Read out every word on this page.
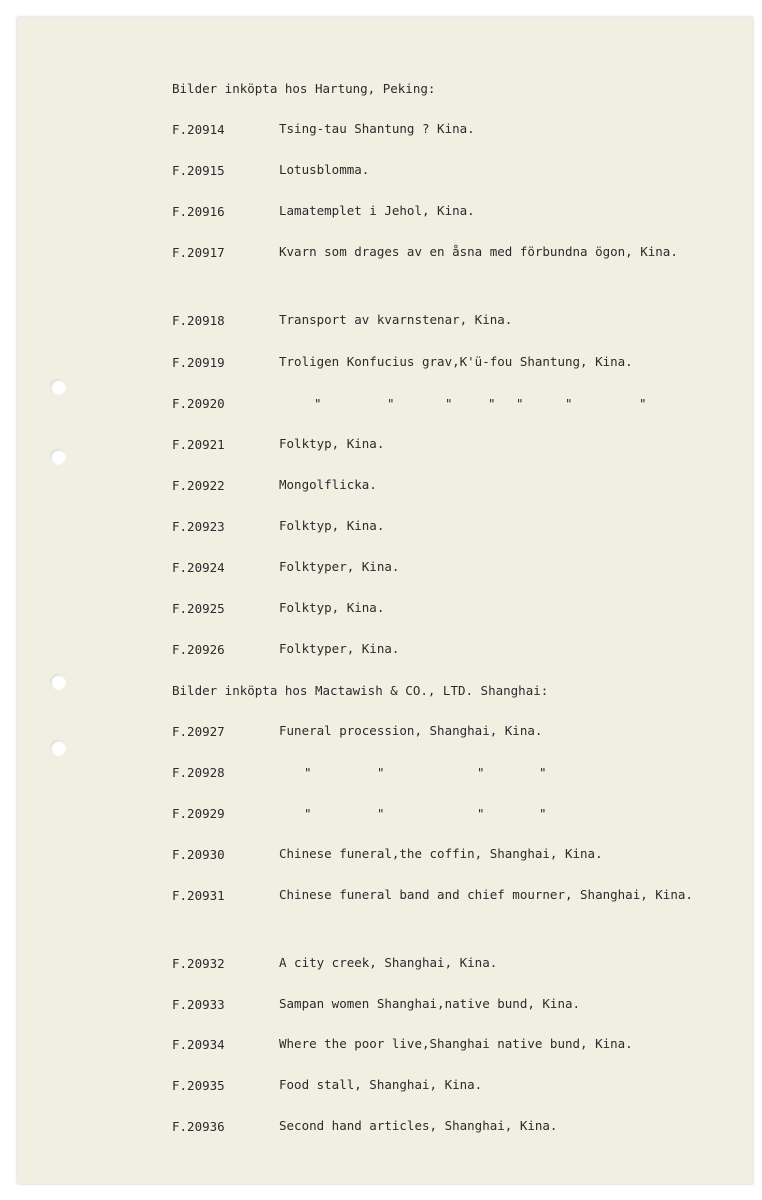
Bilder inköpta hos Hartung, Peking:
F.20914	Tsing-tau Shantung ? Kina.
F.20915	Lotusblomma.
F.20916	Lamatemplet i Jehol, Kina.
F.20917	Kvarn som drages av en åsna med förbundna ögon, Kina.
F.20918	Transport av kvarnstenar, Kina.
F.20919	Troligen Konfucius grav,K'ü-fou Shantung, Kina.
F.20920	"	"	"	" "	"	"
F.20921	Folktyp, Kina.
F.20922	Mongolflicka.
F.20923	Folktyp, Kina.
F.20924	Folktyper, Kina.
F.20925	Folktyp, Kina.
F.20926	Folktyper, Kina.
Bilder inköpta hos Mactawish & CO., LTD. Shanghai:
F.20927	Funeral procession, Shanghai, Kina.
F.20928	"	"	"	"
F.20929	"	"	"	"
F.20930	Chinese funeral,the coffin, Shanghai, Kina.
F.20931	Chinese funeral band and chief mourner, Shanghai, Kina.
F.20932	A city creek, Shanghai, Kina.
F.20933	Sampan women Shanghai,native bund, Kina.
F.20934	Where the poor live,Shanghai native bund, Kina.
F.20935	Food stall, Shanghai, Kina.
F.20936	Second hand articles, Shanghai, Kina.
